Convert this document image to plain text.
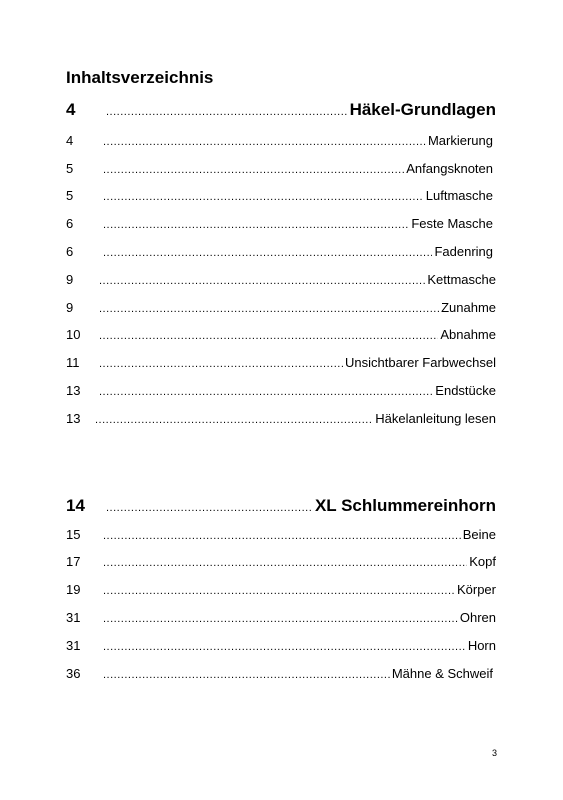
Inhaltsverzeichnis
4 .....	Häkel-Grundlagen
4 .....	Markierung
5 .....	Anfangsknoten
5 .....	Luftmasche
6 .....	Feste Masche
6 .....	Fadenring
9 .....	Kettmasche
9 .....	Zunahme
10 .....	Abnahme
11 .....	Unsichtbarer Farbwechsel
13 .....	Endstücke
13 .....	Häkelanleitung lesen
14 .....	XL Schlummereinhorn
15 .....	Beine
17 .....	Kopf
19 .....	Körper
31 .....	Ohren
31 .....	Horn
36 .....	Mähne & Schweif
3
